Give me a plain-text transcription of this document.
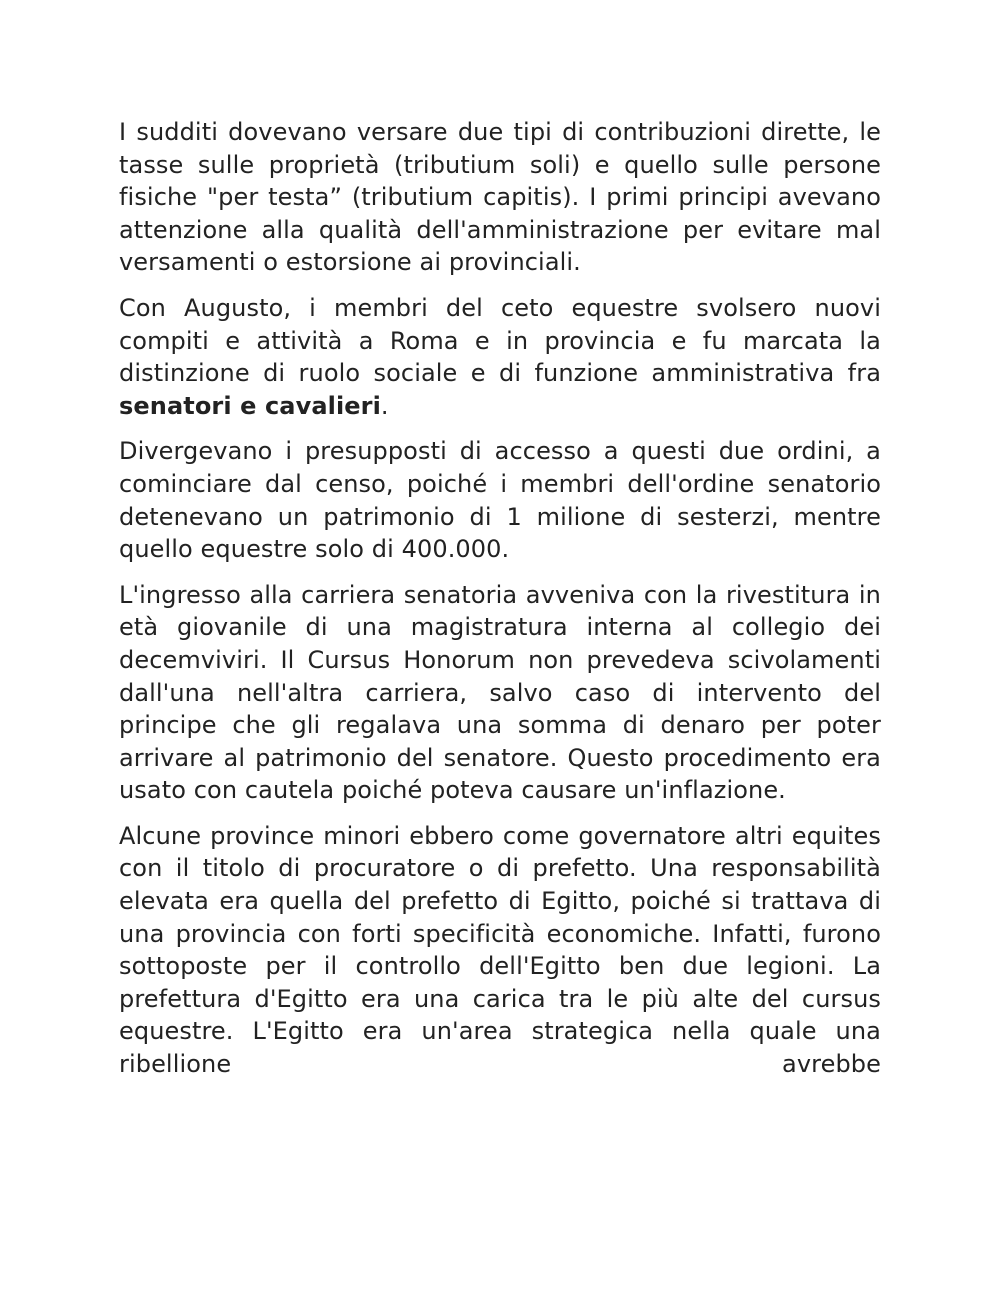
I sudditi dovevano versare due tipi di contribuzioni dirette, le tasse sulle proprietà (tributium soli) e quello sulle persone fisiche "per testa” (tributium capitis). I primi principi avevano attenzione alla qualità dell'amministrazione per evitare mal versamenti o estorsione ai provinciali.

Con Augusto, i membri del ceto equestre svolsero nuovi compiti e attività a Roma e in provincia e fu marcata la distinzione di ruolo sociale e di funzione amministrativa fra senatori e cavalieri.

Divergevano i presupposti di accesso a questi due ordini, a cominciare dal censo, poiché i membri dell'ordine senatorio detenevano un patrimonio di 1 milione di sesterzi, mentre quello equestre solo di 400.000.

L'ingresso alla carriera senatoria avveniva con la rivestitura in età giovanile di una magistratura interna al collegio dei decemviviri. Il Cursus Honorum non prevedeva scivolamenti dall'una nell'altra carriera, salvo caso di intervento del principe che gli regalava una somma di denaro per poter arrivare al patrimonio del senatore. Questo procedimento era usato con cautela poiché poteva causare un'inflazione.

Alcune province minori ebbero come governatore altri equites con il titolo di procuratore o di prefetto. Una responsabilità elevata era quella del prefetto di Egitto, poiché si trattava di una provincia con forti specificità economiche. Infatti, furono sottoposte per il controllo dell'Egitto ben due legioni. La prefettura d'Egitto era una carica tra le più alte del cursus equestre. L'Egitto era un'area strategica nella quale una ribellione avrebbe
